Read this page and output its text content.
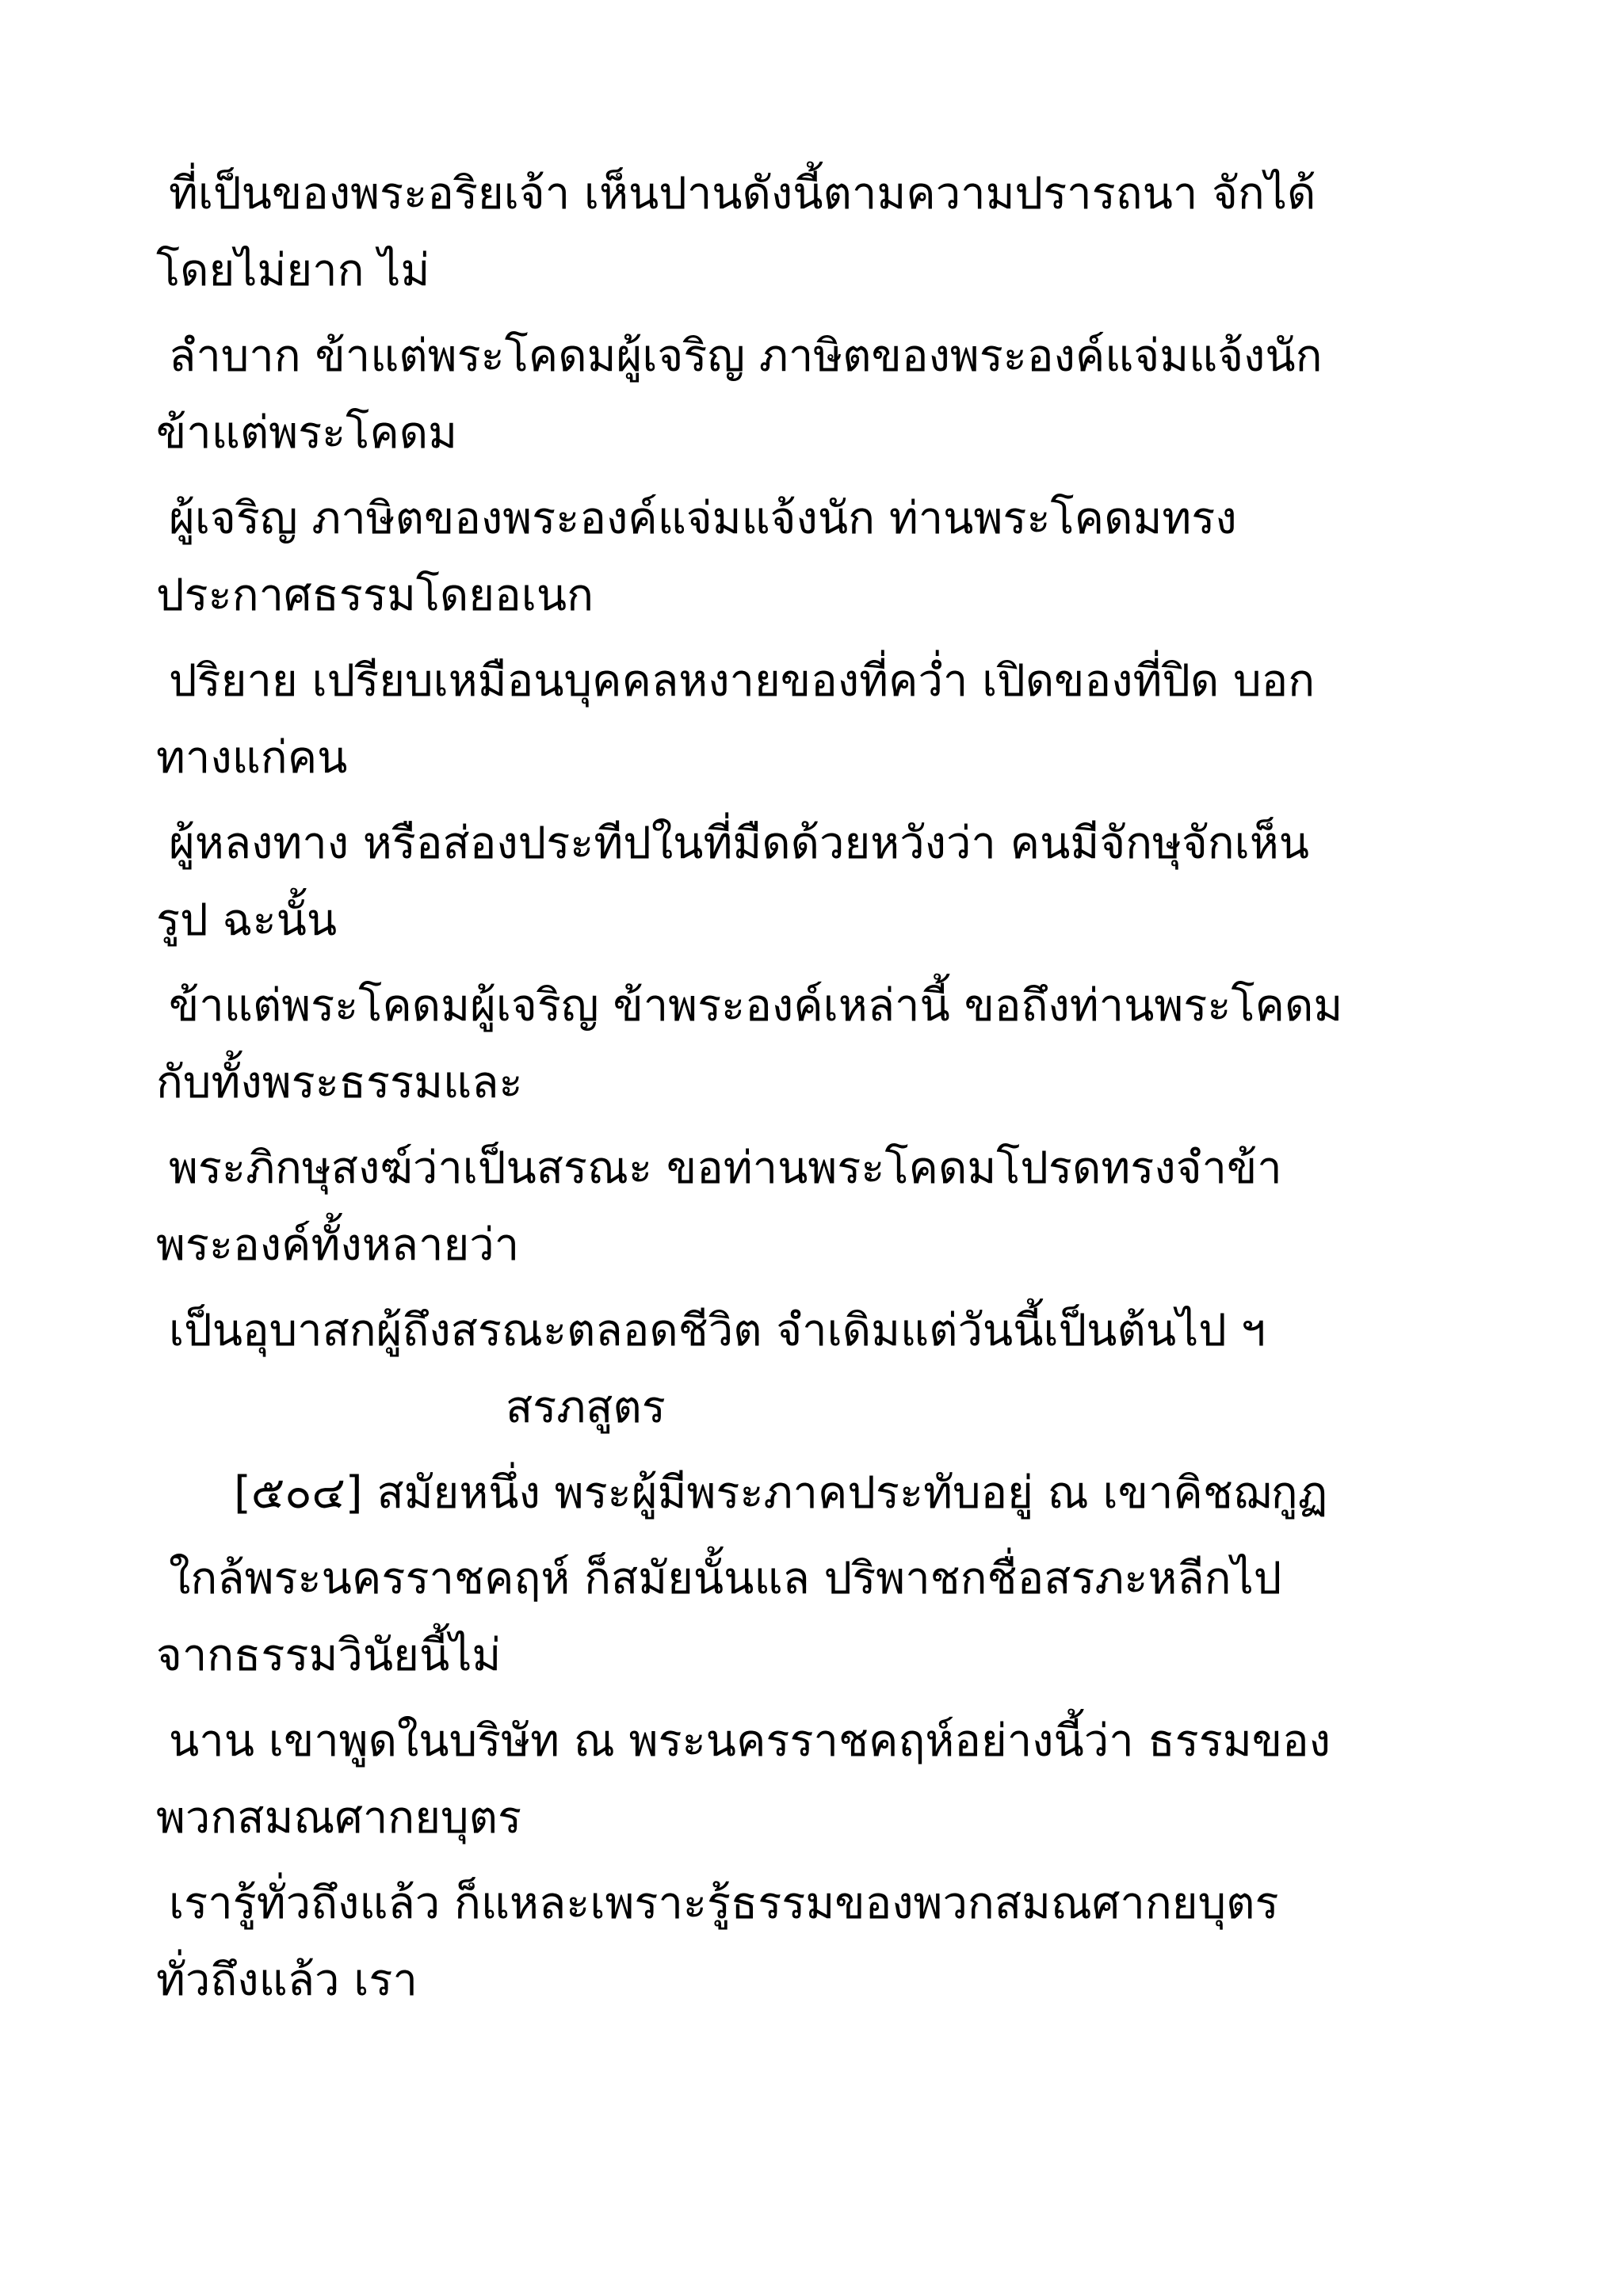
ที่เป็นของพระอริยเจ้า เห็นปานดังนี้ตามความปรารถนา จักได้
โดยไม่ยาก ไม่
ลำบาก ข้าแต่พระโคดมผู้เจริญ ภาษิตของพระองค์แจ่มแจ้งนัก
ข้าแต่พระโคดม
ผู้เจริญ ภาษิตของพระองค์แจ่มแจ้งนัก ท่านพระโคดมทรง
ประกาศธรรมโดยอเนก
ปริยาย เปรียบเหมือนบุคคลหงายของที่คว่ำ เปิดของที่ปิด บอก
ทางแก่คน
ผู้หลงทาง หรือส่องประทีปในที่มืดด้วยหวังว่า คนมีจักษุจักเห็น
รูป ฉะนั้น
ข้าแต่พระโคดมผู้เจริญ ข้าพระองค์เหล่านี้ ขอถึงท่านพระโคดม
กับทั้งพระธรรมและ
พระภิกษุสงฆ์ว่าเป็นสรณะ ขอท่านพระโคดมโปรดทรงจำข้า
พระองค์ทั้งหลายว่า
เป็นอุบาสกผู้ถึงสรณะตลอดชีวิต จำเดิมแต่วันนี้เป็นต้นไป ฯ
สรภสูตร
[๕๐๔] สมัยหนึ่ง พระผู้มีพระภาคประทับอยู่ ณ เขาคิชฌกูฏ
ใกล้พระนครราชคฤห์ ก็สมัยนั้นแล ปริพาชกชื่อสรภะหลีกไป
จากธรรมวินัยนี้ไม่
นาน เขาพูดในบริษัท ณ พระนครราชคฤห์อย่างนี้ว่า ธรรมของ
พวกสมณศากยบุตร
เรารู้ทั่วถึงแล้ว ก็แหละเพราะรู้ธรรมของพวกสมณศากยบุตร
ทั่วถึงแล้ว เรา
